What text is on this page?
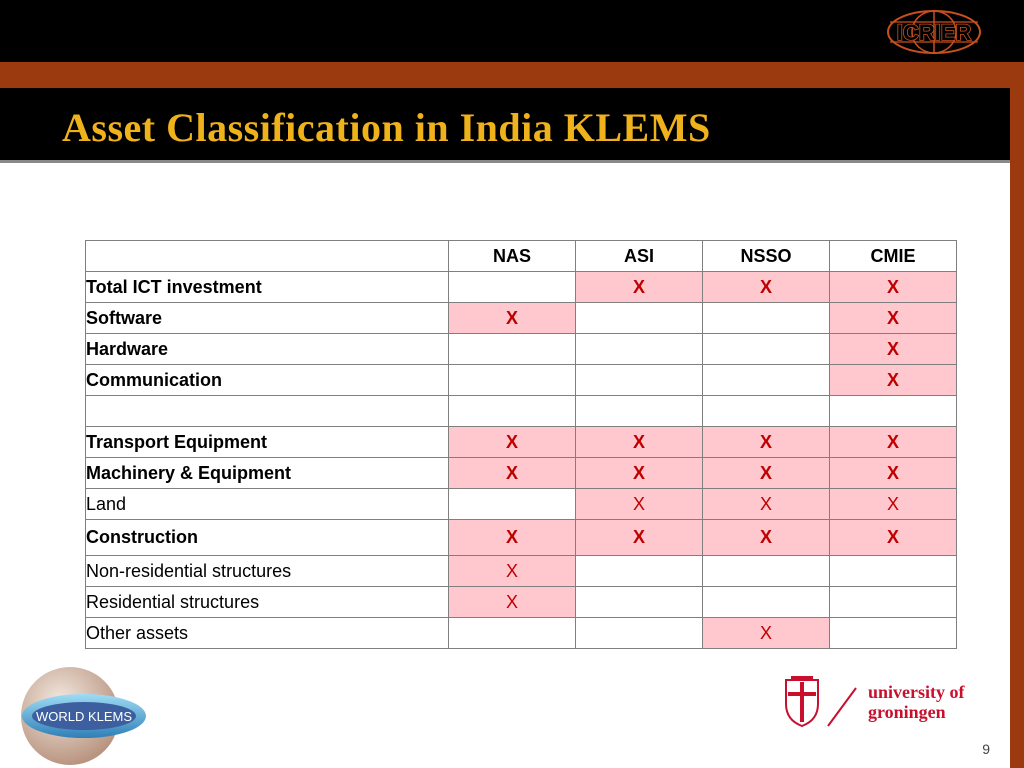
ICRIER
Asset Classification in India KLEMS
	NAS	ASI	NSSO	CMIE
Total ICT investment		X	X	X
Software	X			X
Hardware				X
Communication				X

Transport Equipment	X	X	X	X
Machinery & Equipment	X	X	X	X
Land		X	X	X
Construction	X	X	X	X
Non-residential structures	X			
Residential structures	X			
Other assets			X	
WORLD KLEMS
university of
groningen
9
